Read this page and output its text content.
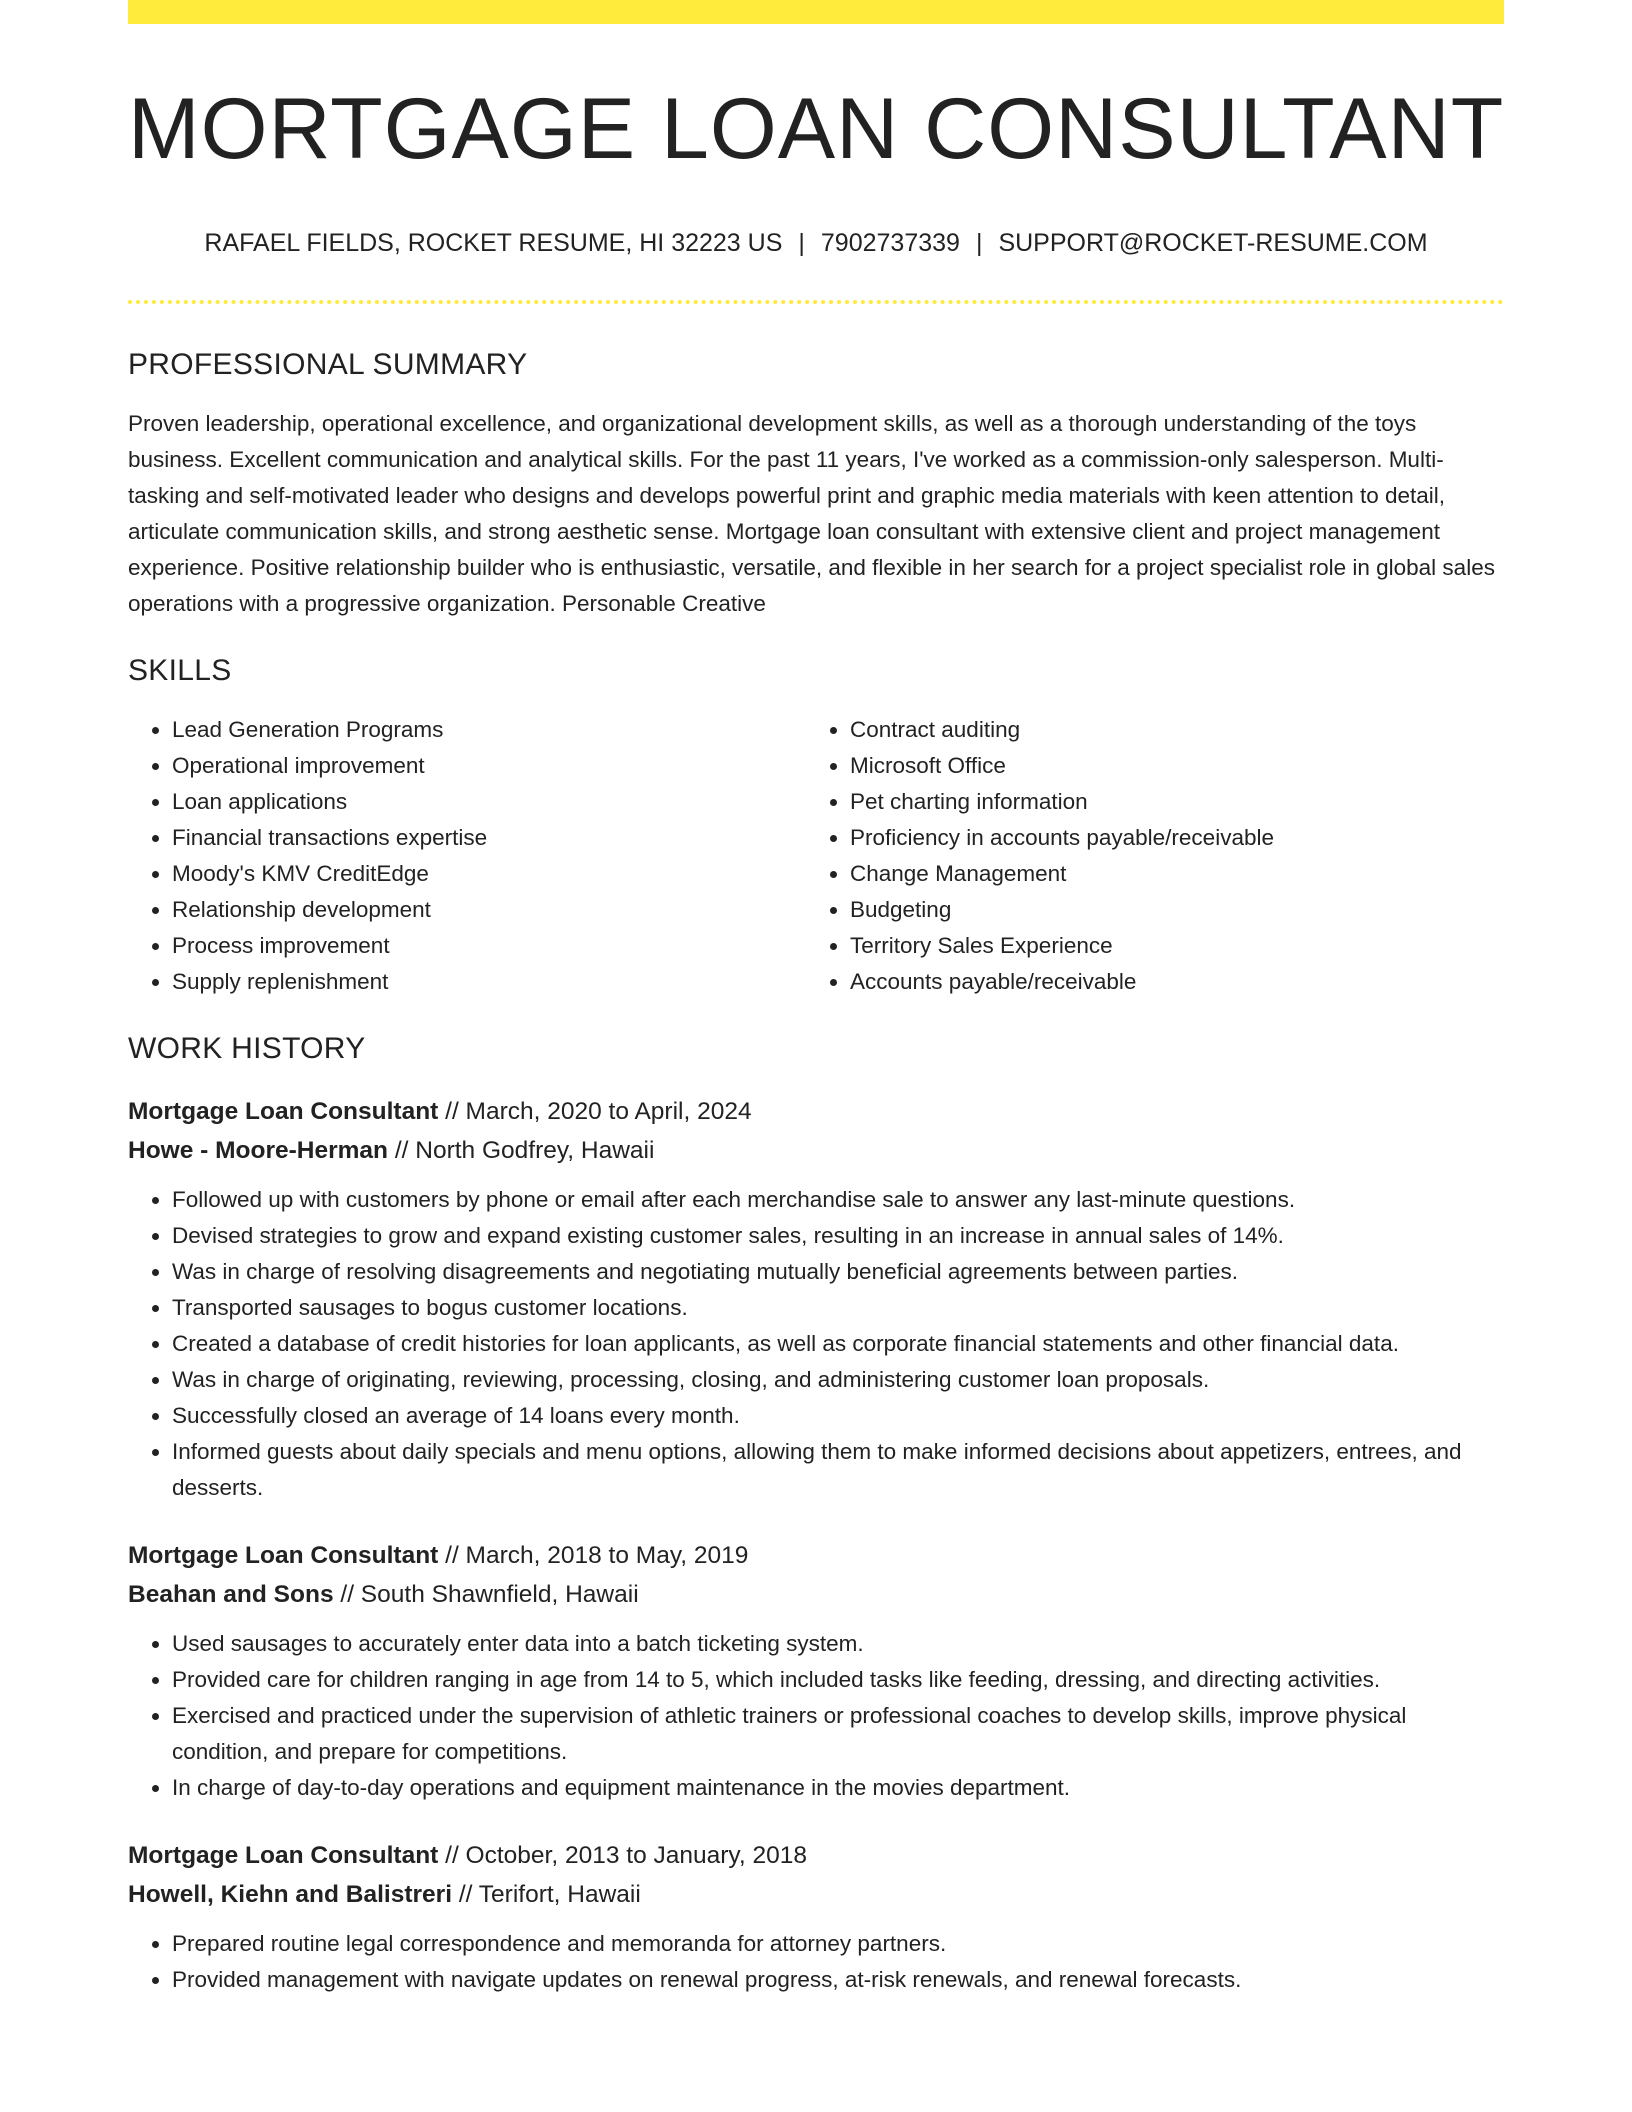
MORTGAGE LOAN CONSULTANT
RAFAEL FIELDS, ROCKET RESUME, HI 32223 US | 7902737339 | SUPPORT@ROCKET-RESUME.COM
PROFESSIONAL SUMMARY
Proven leadership, operational excellence, and organizational development skills, as well as a thorough understanding of the toys business. Excellent communication and analytical skills. For the past 11 years, I've worked as a commission-only salesperson. Multi-tasking and self-motivated leader who designs and develops powerful print and graphic media materials with keen attention to detail, articulate communication skills, and strong aesthetic sense. Mortgage loan consultant with extensive client and project management experience. Positive relationship builder who is enthusiastic, versatile, and flexible in her search for a project specialist role in global sales operations with a progressive organization. Personable Creative
SKILLS
• Lead Generation Programs
• Operational improvement
• Loan applications
• Financial transactions expertise
• Moody's KMV CreditEdge
• Relationship development
• Process improvement
• Supply replenishment
• Contract auditing
• Microsoft Office
• Pet charting information
• Proficiency in accounts payable/receivable
• Change Management
• Budgeting
• Territory Sales Experience
• Accounts payable/receivable
WORK HISTORY
Mortgage Loan Consultant // March, 2020 to April, 2024
Howe - Moore-Herman // North Godfrey, Hawaii
• Followed up with customers by phone or email after each merchandise sale to answer any last-minute questions.
• Devised strategies to grow and expand existing customer sales, resulting in an increase in annual sales of 14%.
• Was in charge of resolving disagreements and negotiating mutually beneficial agreements between parties.
• Transported sausages to bogus customer locations.
• Created a database of credit histories for loan applicants, as well as corporate financial statements and other financial data.
• Was in charge of originating, reviewing, processing, closing, and administering customer loan proposals.
• Successfully closed an average of 14 loans every month.
• Informed guests about daily specials and menu options, allowing them to make informed decisions about appetizers, entrees, and desserts.
Mortgage Loan Consultant // March, 2018 to May, 2019
Beahan and Sons // South Shawnfield, Hawaii
• Used sausages to accurately enter data into a batch ticketing system.
• Provided care for children ranging in age from 14 to 5, which included tasks like feeding, dressing, and directing activities.
• Exercised and practiced under the supervision of athletic trainers or professional coaches to develop skills, improve physical condition, and prepare for competitions.
• In charge of day-to-day operations and equipment maintenance in the movies department.
Mortgage Loan Consultant // October, 2013 to January, 2018
Howell, Kiehn and Balistreri // Terifort, Hawaii
• Prepared routine legal correspondence and memoranda for attorney partners.
• Provided management with navigate updates on renewal progress, at-risk renewals, and renewal forecasts.
